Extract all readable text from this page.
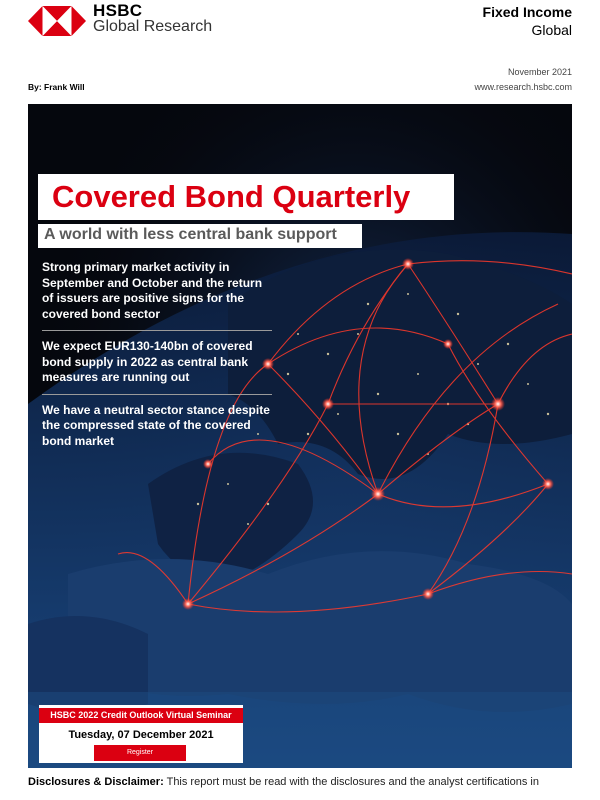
HSBC
Global Research
Fixed Income
Global
November 2021
By: Frank Will	www.research.hsbc.com
Covered Bond Quarterly
A world with less central bank support
Strong primary market activity in September and October and the return of issuers are positive signs for the covered bond sector
We expect EUR130-140bn of covered bond supply in 2022 as central bank measures are running out
We have a neutral sector stance despite the compressed state of the covered bond market
HSBC 2022 Credit Outlook Virtual Seminar
Tuesday, 07 December 2021
Register
Disclosures & Disclaimer: This report must be read with the disclosures and the analyst certifications in
